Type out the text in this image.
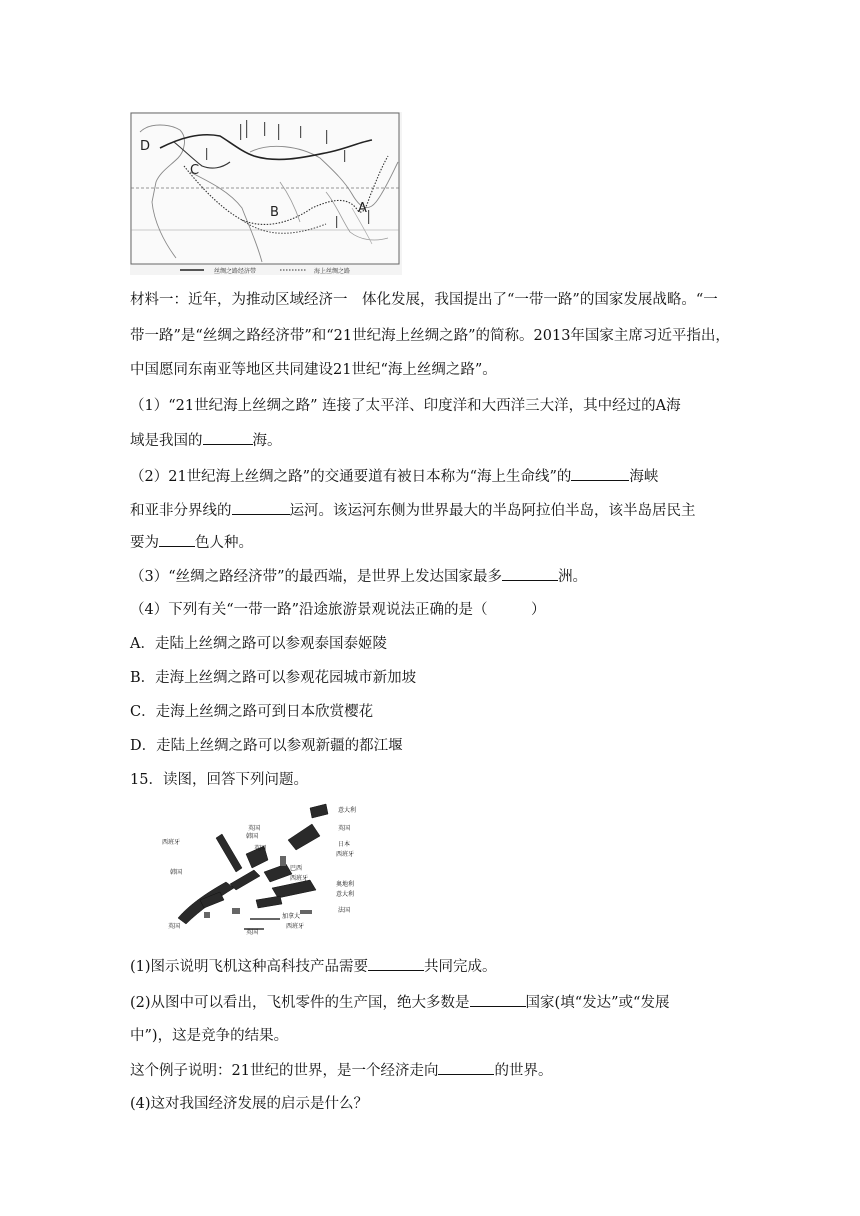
D
C
B	A
丝绸之路经济带	海上丝绸之路
材料一：近年，为推动区域经济一　体化发展，我国提出了“一带一路”的国家发展战略。“一
带一路”是“丝绸之路经济带”和“21世纪海上丝绸之路”的简称。2013年国家主席习近平指出，
中国愿同东南亚等地区共同建设21世纪“海上丝绸之路”。
（1）“21世纪海上丝绸之路” 连接了太平洋、印度洋和大西洋三大洋，其中经过的A海
域是我国的	海。
（2）21世纪海上丝绸之路”的交通要道有被日本称为“海上生命线”的	海峡
和亚非分界线的	运河。该运河东侧为世界最大的半岛阿拉伯半岛，该半岛居民主
要为 色人种。
（3）“丝绸之路经济带”的最西端，是世界上发达国家最多	洲。
（4）下列有关“一带一路”沿途旅游景观说法正确的是（　　　）
A．走陆上丝绸之路可以参观泰国泰姬陵
B．走海上丝绸之路可以参观花园城市新加坡
C．走海上丝绸之路可到日本欣赏樱花
D．走陆上丝绸之路可以参观新疆的都江堰
15．读图，回答下列问题。
意大利
英国
日本
西班牙
英国
韩国
英国
西班牙
韩国
巴西
西班牙
奥地利
意大利
法国
加拿大
西班牙
英国
英国
(1)图示说明飞机这种高科技产品需要	共同完成。
(2)从图中可以看出，飞机零件的生产国，绝大多数是	国家(填“发达”或“发展
中”)，这是竞争的结果。
这个例子说明：21世纪的世界，是一个经济走向	的世界。
(4)这对我国经济发展的启示是什么？
